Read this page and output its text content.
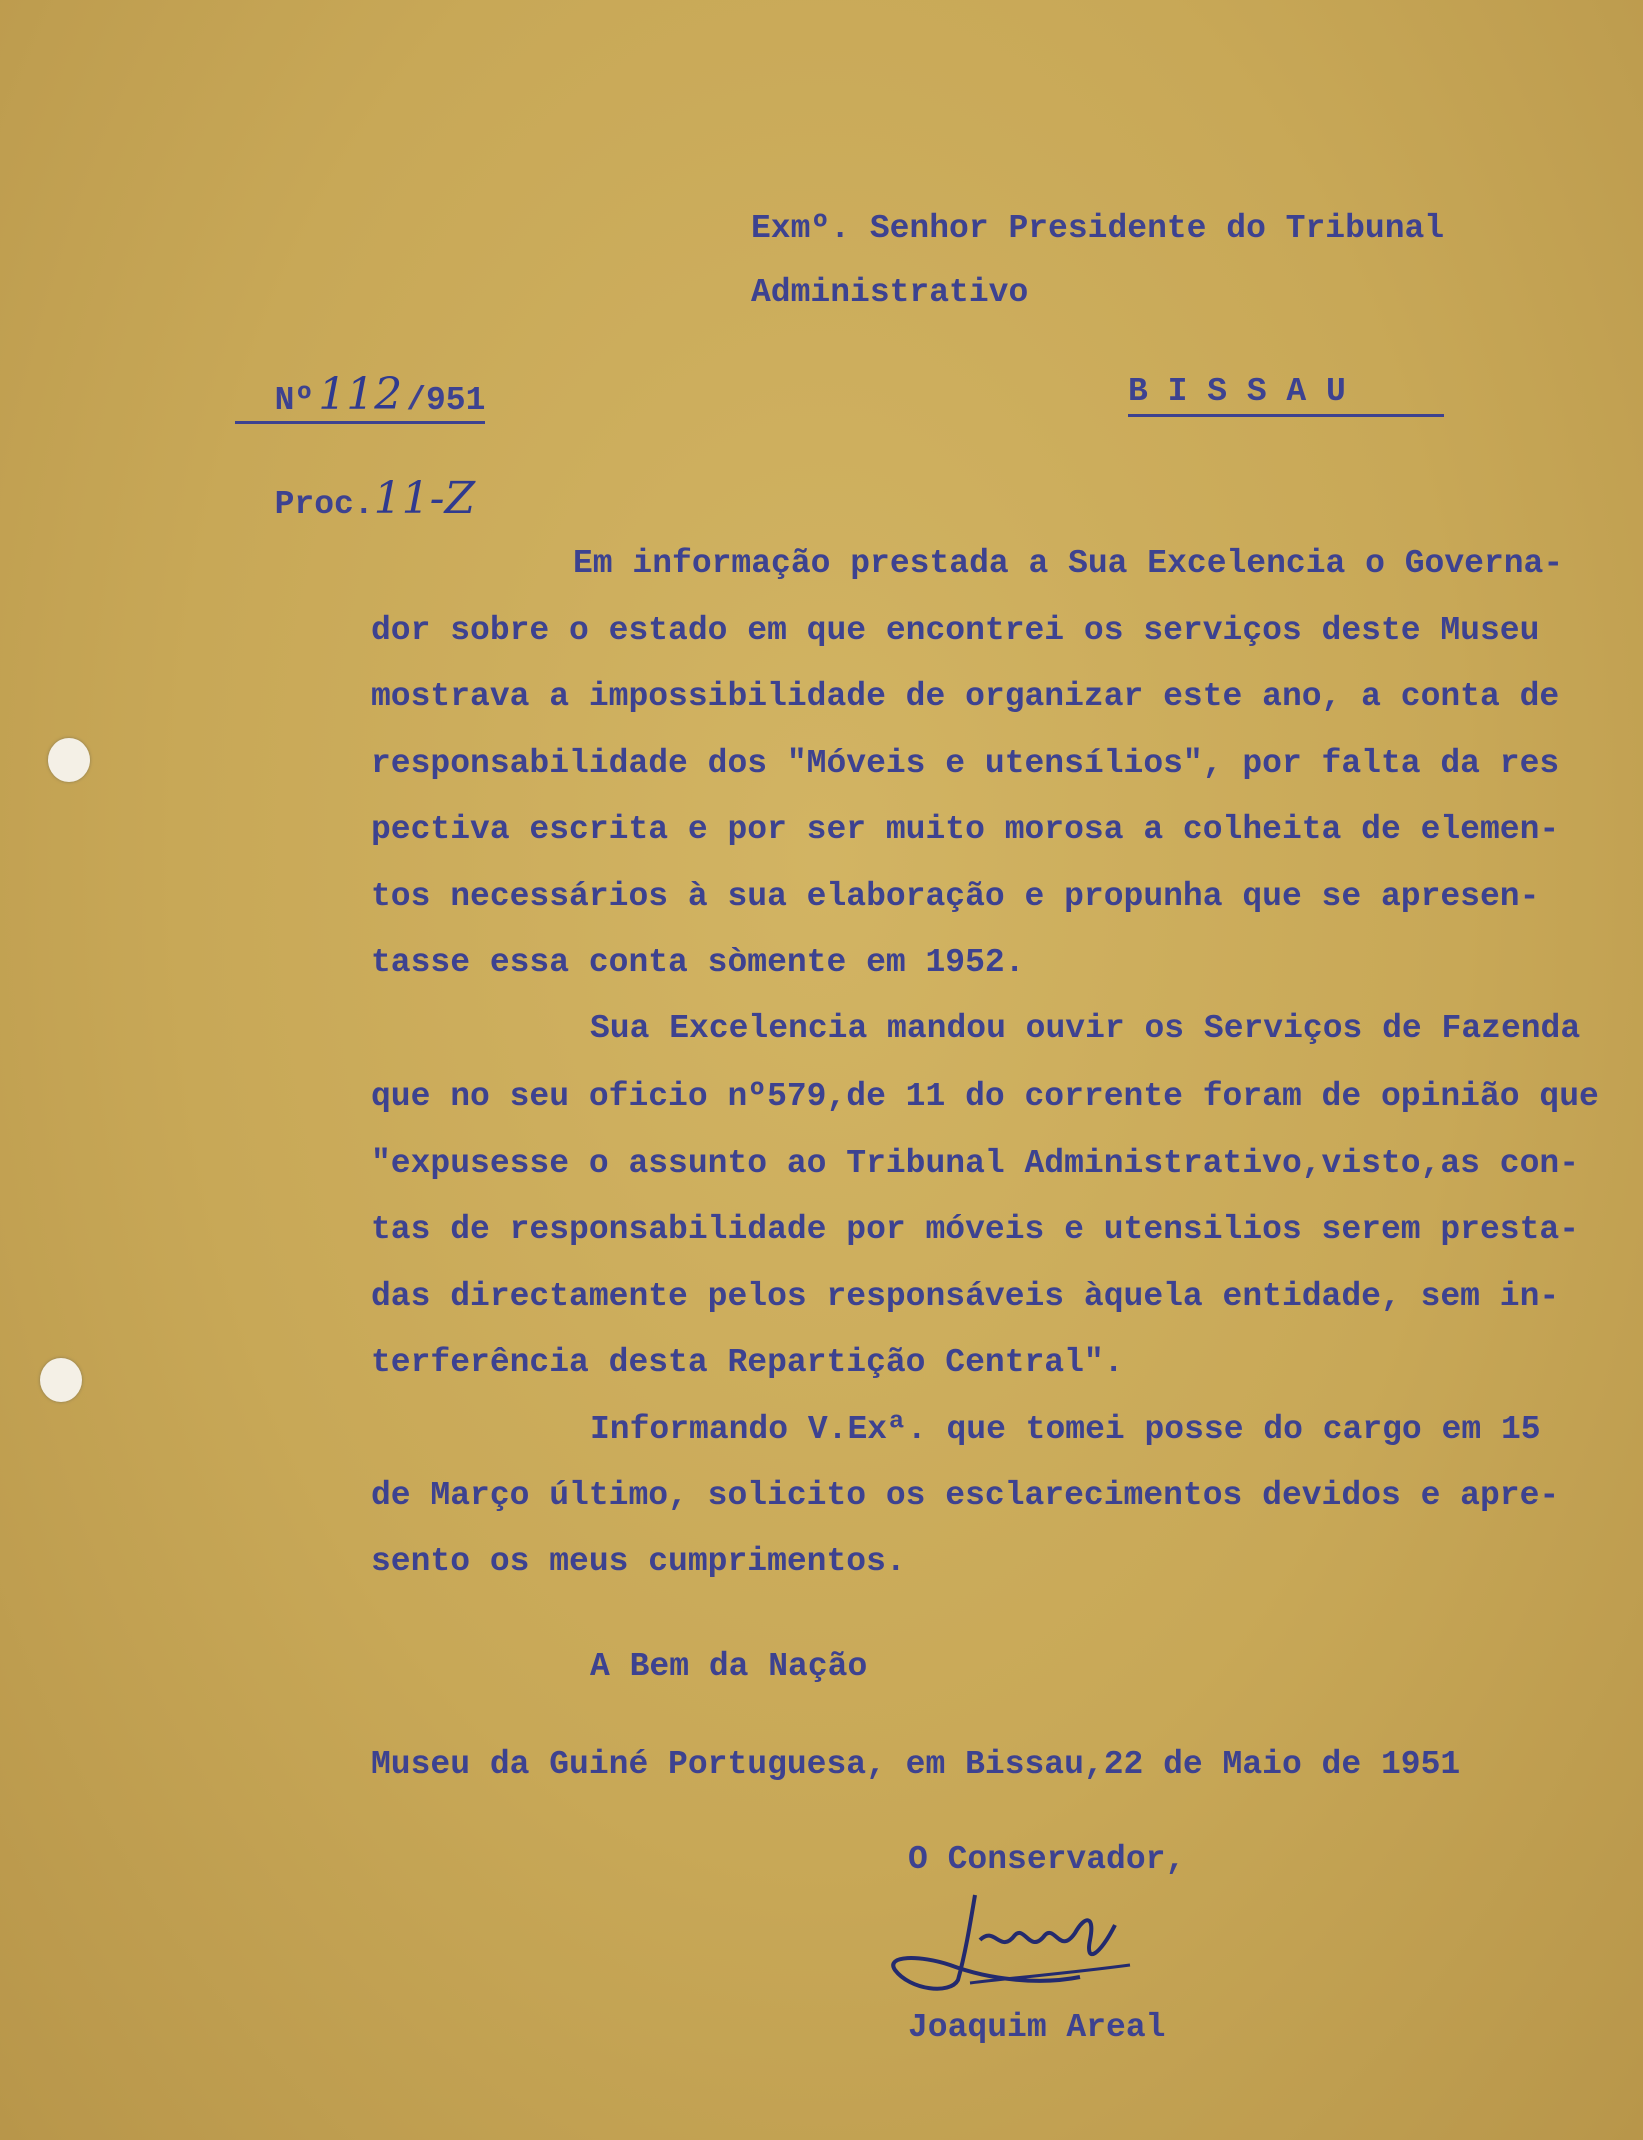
Exmº. Senhor Presidente do Tribunal
Administrativo

Nº112 /951	B I S S A U

Proc.11-Z

Em informação prestada a Sua Excelencia o Governa-
dor sobre o estado em que encontrei os serviços deste Museu
mostrava a impossibilidade de organizar este ano, a conta de
responsabilidade dos "Móveis e utensílios", por falta da res
pectiva escrita e por ser muito morosa a colheita de elemen-
tos necessários à sua elaboração e propunha que se apresen-
tasse essa conta sòmente em 1952.
Sua Excelencia mandou ouvir os Serviços de Fazenda
que no seu oficio nº579,de 11 do corrente foram de opinião que
"expusesse o assunto ao Tribunal Administrativo,visto,as con-
tas de responsabilidade por móveis e utensilios serem presta-
das directamente pelos responsáveis àquela entidade, sem in-
terferência desta Repartição Central".
Informando V.Exª. que tomei posse do cargo em 15
de Março último, solicito os esclarecimentos devidos e apre-
sento os meus cumprimentos.
A Bem da Nação
Museu da Guiné Portuguesa, em Bissau,22 de Maio de 1951
O Conservador,
Joaquim Areal
